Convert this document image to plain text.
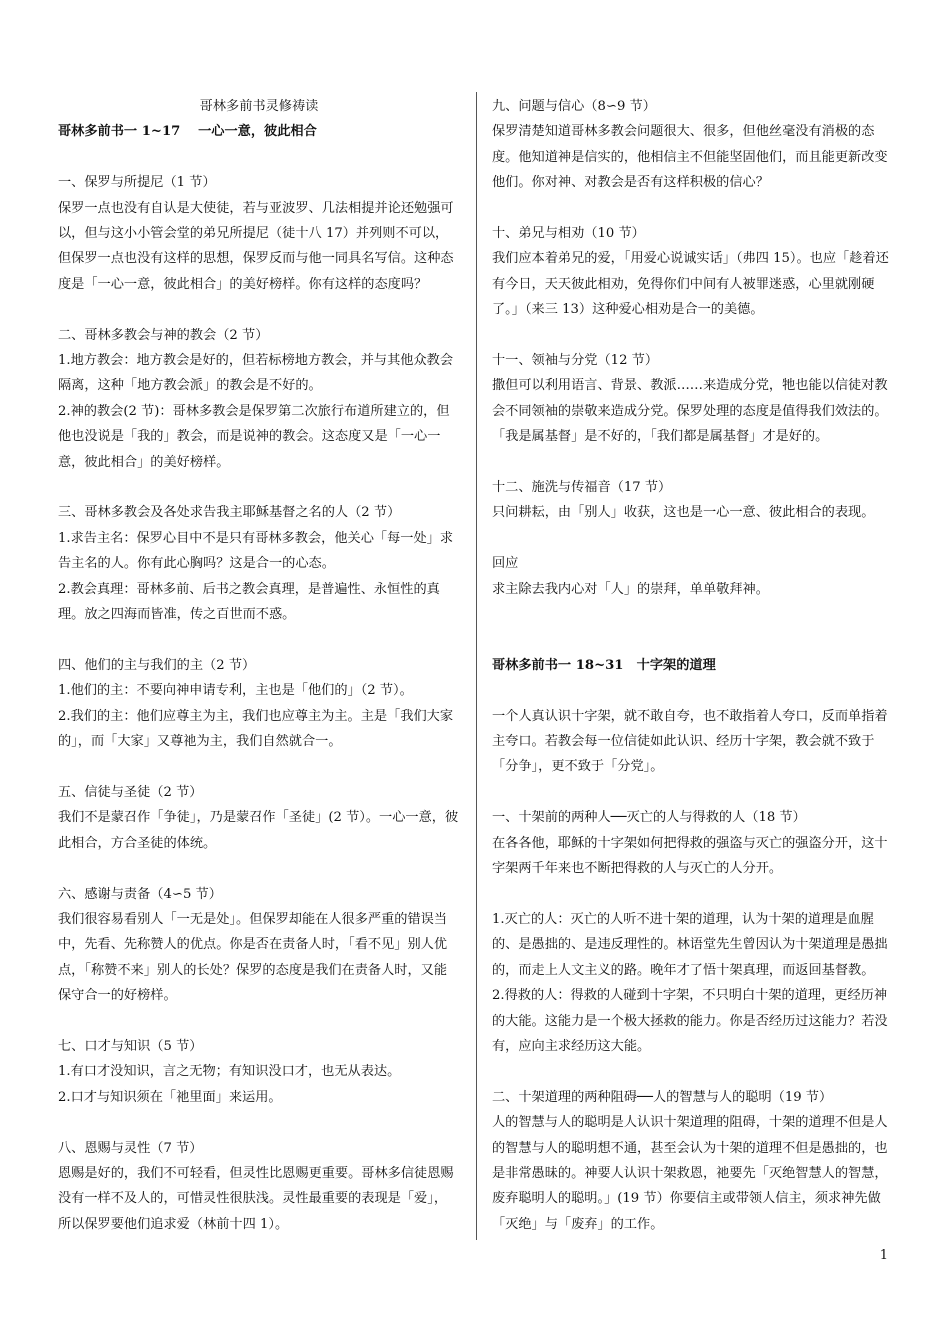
哥林多前书灵修祷读

哥林多前书一 1~17　 一心一意，彼此相合

一、保罗与所提尼（1 节）

保罗一点也没有自认是大使徒，若与亚波罗、几法相提并论还勉强可以，但与这小小管会堂的弟兄所提尼（徒十八 17）并列则不可以，但保罗一点也没有这样的思想，保罗反而与他一同具名写信。这种态度是「一心一意，彼此相合」的美好榜样。你有这样的态度吗？

二、哥林多教会与神的教会（2 节）

1.地方教会：地方教会是好的，但若标榜地方教会，并与其他众教会隔离，这种「地方教会派」的教会是不好的。

2.神的教会(2 节)：哥林多教会是保罗第二次旅行布道所建立的，但他也没说是「我的」教会，而是说神的教会。这态度又是「一心一意，彼此相合」的美好榜样。

三、哥林多教会及各处求告我主耶稣基督之名的人（2 节）

1.求告主名：保罗心目中不是只有哥林多教会，他关心「每一处」求告主名的人。你有此心胸吗？这是合一的心态。

2.教会真理：哥林多前、后书之教会真理，是普遍性、永恒性的真理。放之四海而皆准，传之百世而不惑。

四、他们的主与我们的主（2 节）

1.他们的主：不要向神申请专利，主也是「他们的」（2 节）。

2.我们的主：他们应尊主为主，我们也应尊主为主。主是「我们大家的」，而「大家」又尊祂为主，我们自然就合一。

五、信徒与圣徒（2 节）

我们不是蒙召作「争徒」，乃是蒙召作「圣徒」(2 节）。一心一意，彼此相合，方合圣徒的体统。

六、感谢与责备（4∽5 节）

我们很容易看别人「一无是处」。但保罗却能在人很多严重的错误当中，先看、先称赞人的优点。你是否在责备人时，「看不见」别人优点，「称赞不来」别人的长处？保罗的态度是我们在责备人时，又能保守合一的好榜样。

七、口才与知识（5 节）

1.有口才没知识，言之无物；有知识没口才，也无从表达。

2.口才与知识须在「祂里面」来运用。

八、恩赐与灵性（7 节）

恩赐是好的，我们不可轻看，但灵性比恩赐更重要。哥林多信徒恩赐没有一样不及人的，可惜灵性很肤浅。灵性最重要的表现是「爱」，所以保罗要他们追求爱（林前十四 1）。

九、问题与信心（8∽9 节）

保罗清楚知道哥林多教会问题很大、很多，但他丝毫没有消极的态度。他知道神是信实的，他相信主不但能坚固他们，而且能更新改变他们。你对神、对教会是否有这样积极的信心？

十、弟兄与相劝（10 节）

我们应本着弟兄的爱，「用爱心说诚实话」（弗四 15）。也应「趁着还有今日，天天彼此相劝，免得你们中间有人被罪迷惑，心里就刚硬了。」（来三 13）这种爱心相劝是合一的美德。

十一、领袖与分党（12 节）

撒但可以利用语言、背景、教派……来造成分党，牠也能以信徒对教会不同领袖的崇敬来造成分党。保罗处理的态度是值得我们效法的。「我是属基督」是不好的，「我们都是属基督」才是好的。

十二、施洗与传福音（17 节）

只问耕耘，由「别人」收获，这也是一心一意、彼此相合的表现。

回应

求主除去我内心对「人」的崇拜，单单敬拜神。

哥林多前书一 18~31　十字架的道理

一个人真认识十字架，就不敢自夸，也不敢指着人夸口，反而单指着主夸口。若教会每一位信徒如此认识、经历十字架，教会就不致于「分争」，更不致于「分党」。

一、十架前的两种人──灭亡的人与得救的人（18 节）

在各各他，耶稣的十字架如何把得救的强盗与灭亡的强盗分开，这十字架两千年来也不断把得救的人与灭亡的人分开。

1.灭亡的人：灭亡的人听不进十架的道理，认为十架的道理是血腥的、是愚拙的、是违反理性的。林语堂先生曾因认为十架道理是愚拙的，而走上人文主义的路。晚年才了悟十架真理，而返回基督教。

2.得救的人：得救的人碰到十字架，不只明白十架的道理，更经历神的大能。这能力是一个极大拯救的能力。你是否经历过这能力？若没有，应向主求经历这大能。

二、十架道理的两种阻碍──人的智慧与人的聪明（19 节）

人的智慧与人的聪明是人认识十架道理的阻碍，十架的道理不但是人的智慧与人的聪明想不通，甚至会认为十架的道理不但是愚拙的，也是非常愚昧的。神要人认识十架救恩，祂要先「灭绝智慧人的智慧，废弃聪明人的聪明。」(19 节）你要信主或带领人信主，须求神先做「灭绝」与「废弃」的工作。

1
